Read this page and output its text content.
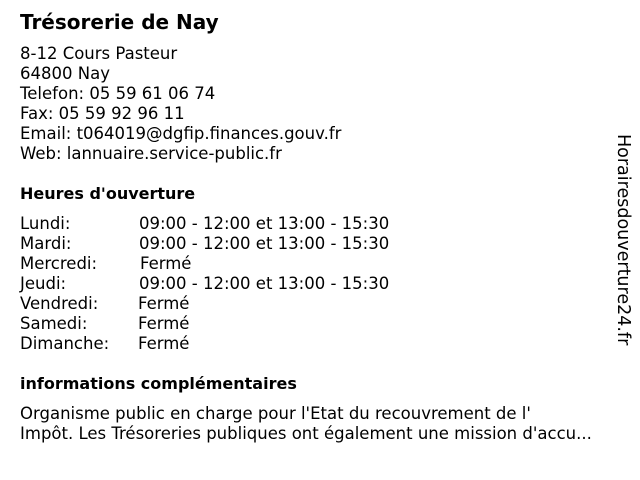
Trésorerie de Nay
8-12 Cours Pasteur
64800 Nay
Telefon: 05 59 61 06 74
Fax: 05 59 92 96 11
Email: t064019@dgfip.finances.gouv.fr
Web: lannuaire.service-public.fr
Heures d'ouverture
Lundi:	09:00 - 12:00 et 13:00 - 15:30
Mardi:	09:00 - 12:00 et 13:00 - 15:30
Mercredi:	Fermé
Jeudi:	09:00 - 12:00 et 13:00 - 15:30
Vendredi: Fermé
Samedi:	Fermé
Dimanche: Fermé
informations complémentaires
Organisme public en charge pour l'Etat du recouvrement de l'
Impôt. Les Trésoreries publiques ont également une mission d'accu...
Horairesdouverture24.fr
